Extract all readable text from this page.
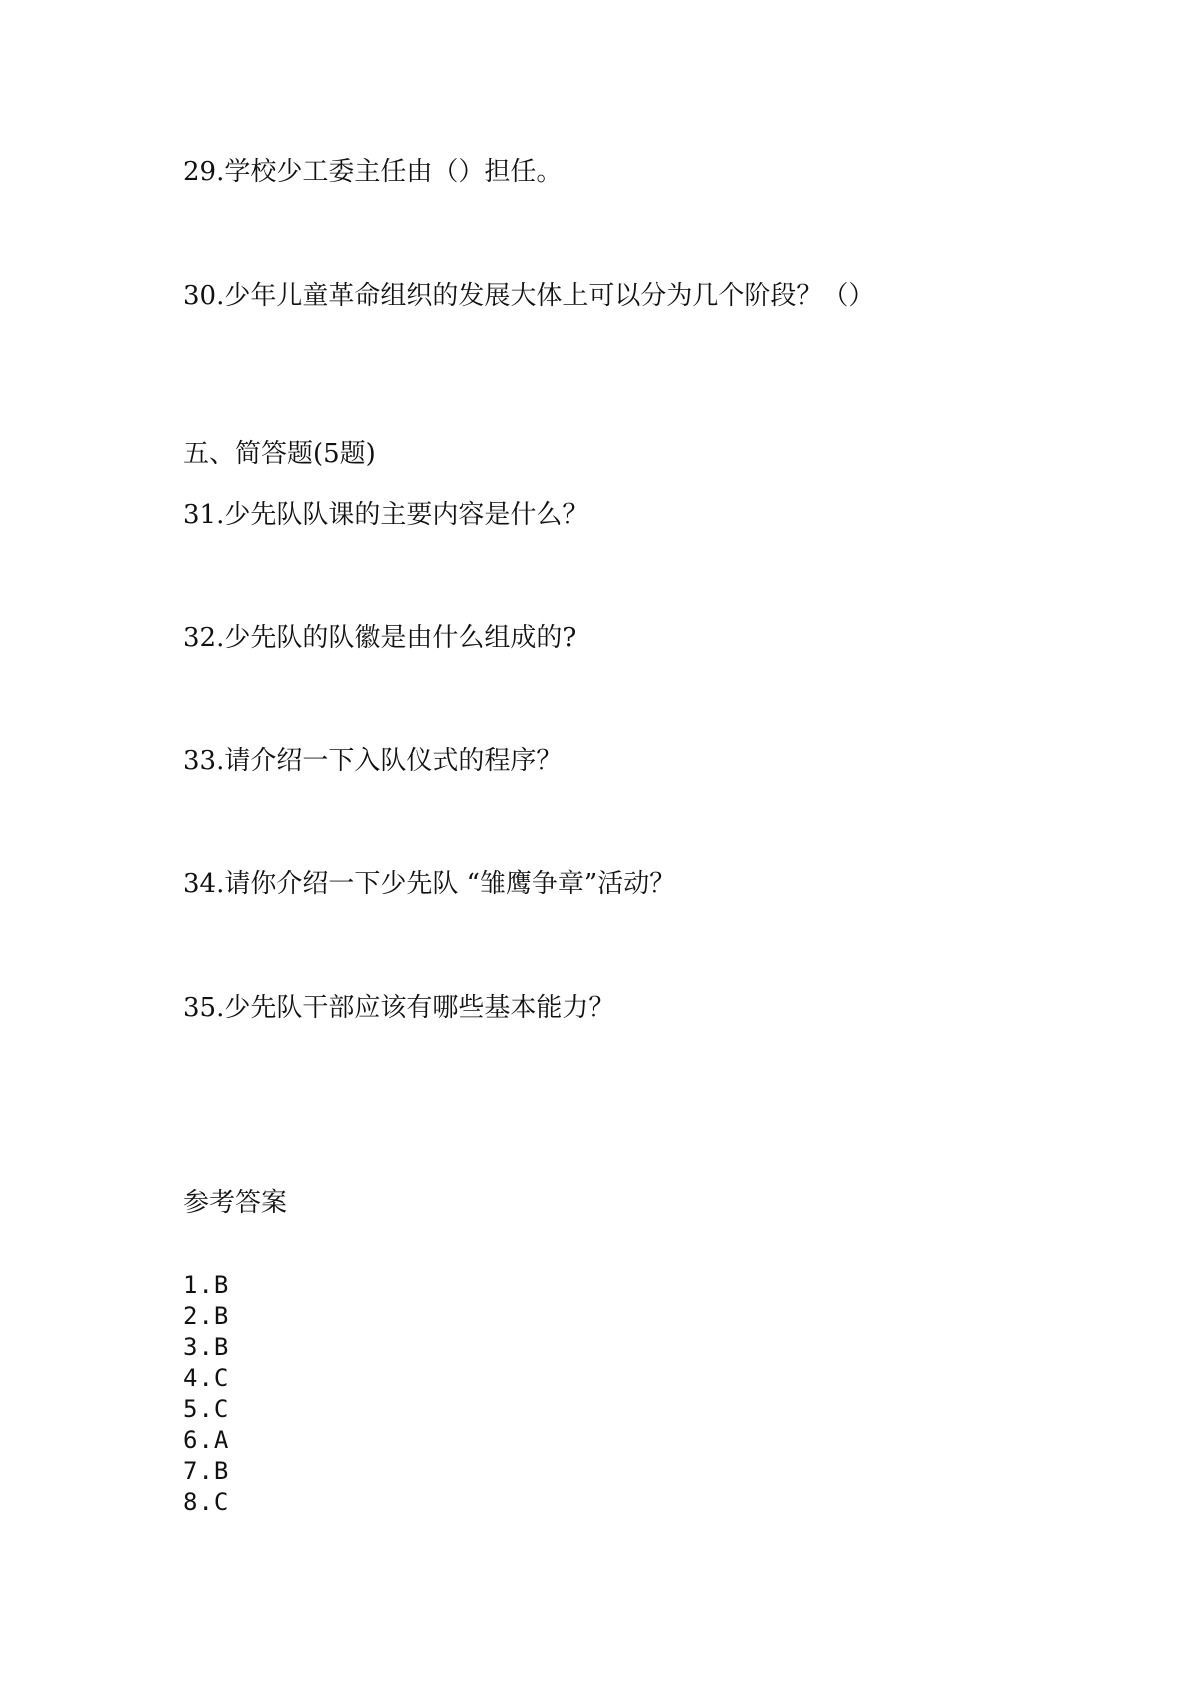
29.学校少工委主任由（）担任。
30.少年儿童革命组织的发展大体上可以分为几个阶段？（）
五、简答题(5题)
31.少先队队课的主要内容是什么？
32.少先队的队徽是由什么组成的?
33.请介绍一下入队仪式的程序？
34.请你介绍一下少先队 “雏鹰争章”活动？
35.少先队干部应该有哪些基本能力？
参考答案
1.B
2.B
3.B
4.C
5.C
6.A
7.B
8.C
